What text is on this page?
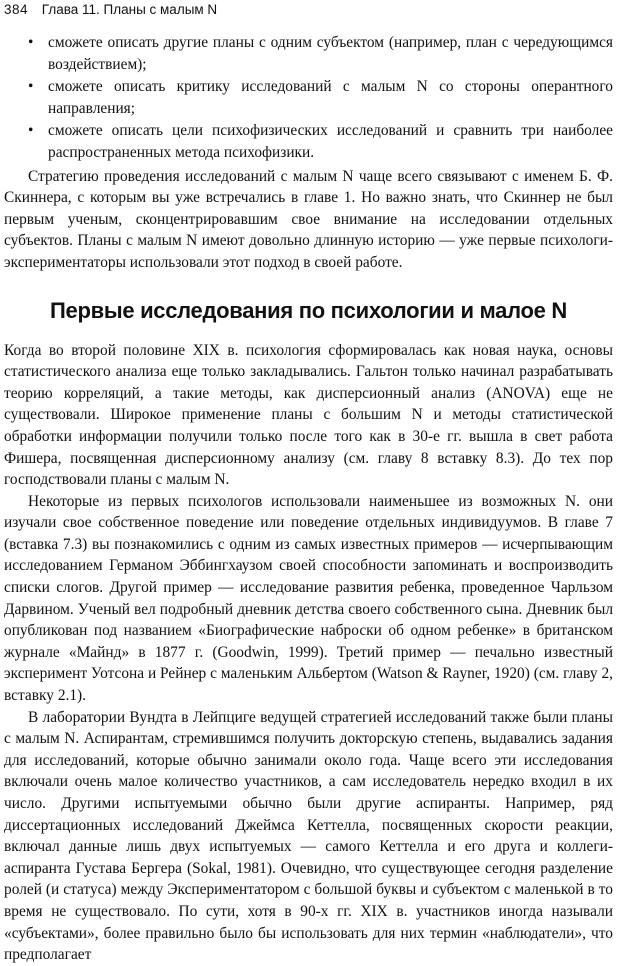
384 Глава 11. Планы с малым N
• сможете описать другие планы с одним субъектом (например, план с чередующимся воздействием);
• сможете описать критику исследований с малым N со стороны оперантного направления;
• сможете описать цели психофизических исследований и сравнить три наиболее распространенных метода психофизики.

Стратегию проведения исследований с малым N чаще всего связывают с именем Б. Ф. Скиннера, с которым вы уже встречались в главе 1. Но важно знать, что Скиннер не был первым ученым, сконцентрировавшим свое внимание на исследовании отдельных субъектов. Планы с малым N имеют довольно длинную историю — уже первые психологи-экспериментаторы использовали этот подход в своей работе.

Первые исследования по психологии и малое N

Когда во второй половине XIX в. психология сформировалась как новая наука, основы статистического анализа еще только закладывались. Гальтон только начинал разрабатывать теорию корреляций, а такие методы, как дисперсионный анализ (ANOVA) еще не существовали. Широкое применение планы с большим N и методы статистической обработки информации получили только после того как в 30-е гг. вышла в свет работа Фишера, посвященная дисперсионному анализу (см. главу 8 вставку 8.3). До тех пор господствовали планы с малым N.

Некоторые из первых психологов использовали наименьшее из возможных N. они изучали свое собственное поведение или поведение отдельных индивидуумов. В главе 7 (вставка 7.3) вы познакомились с одним из самых известных примеров — исчерпывающим исследованием Германом Эббингхаузом своей способности запоминать и воспроизводить списки слогов. Другой пример — исследование развития ребенка, проведенное Чарльзом Дарвином. Ученый вел подробный дневник детства своего собственного сына. Дневник был опубликован под названием «Биографические наброски об одном ребенке» в британском журнале «Майнд» в 1877 г. (Goodwin, 1999). Третий пример — печально известный эксперимент Уотсона и Рейнер с маленьким Альбертом (Watson & Rayner, 1920) (см. главу 2, вставку 2.1).

В лаборатории Вундта в Лейпциге ведущей стратегией исследований также были планы с малым N. Аспирантам, стремившимся получить докторскую степень, выдавались задания для исследований, которые обычно занимали около года. Чаще всего эти исследования включали очень малое количество участников, а сам исследователь нередко входил в их число. Другими испытуемыми обычно были другие аспиранты. Например, ряд диссертационных исследований Джеймса Кеттелла, посвященных скорости реакции, включал данные лишь двух испытуемых — самого Кеттелла и его друга и коллеги-аспиранта Густава Бергера (Sokal, 1981). Очевидно, что существующее сегодня разделение ролей (и статуса) между Экспериментатором с большой буквы и субъектом с маленькой в то время не существовало. По сути, хотя в 90-х гг. XIX в. участников иногда называли «субъектами», более правильно было бы использовать для них термин «наблюдатели», что предполагает
